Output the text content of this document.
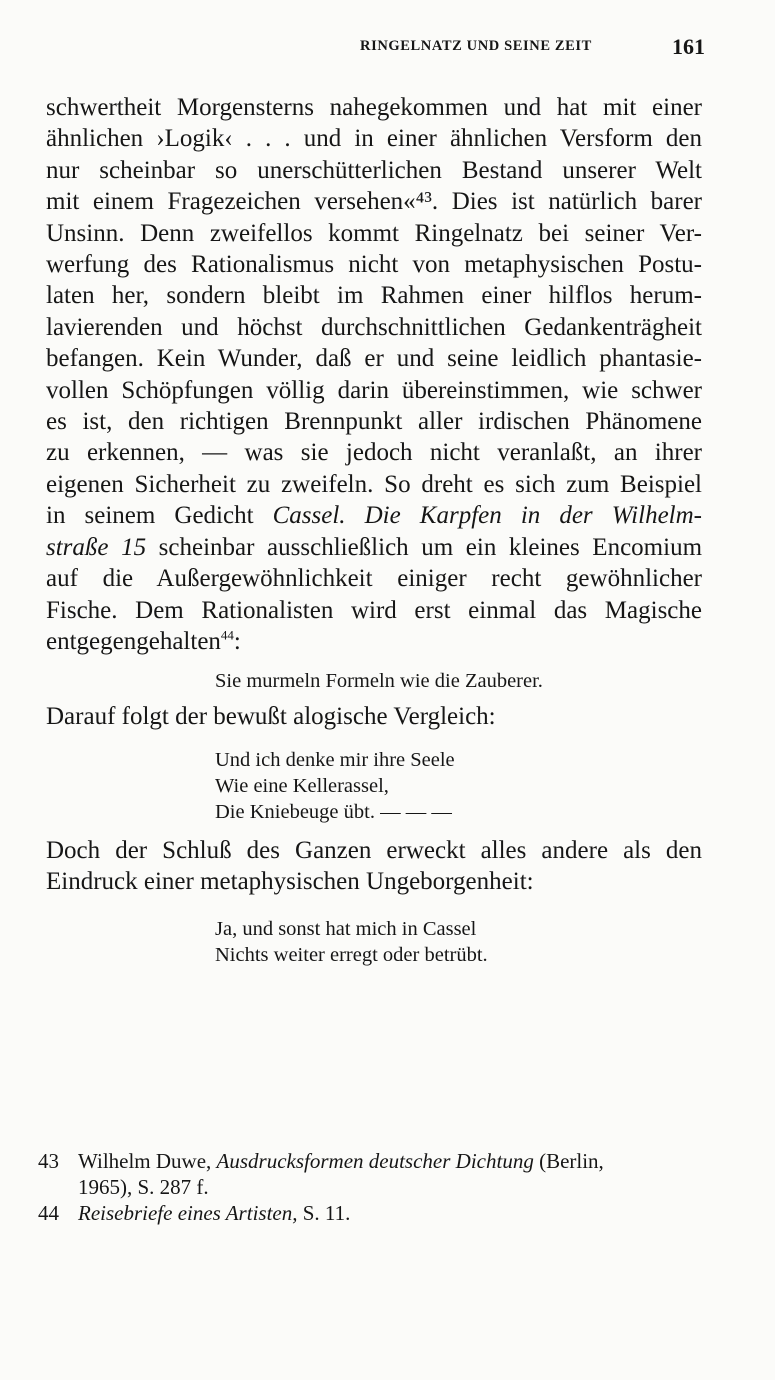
RINGELNATZ UND SEINE ZEIT	161

schwertheit Morgensterns nahegekommen und hat mit einer

ähnlichen ›Logik‹ . . . und in einer ähnlichen Versform den

nur scheinbar so unerschütterlichen Bestand unserer Welt

mit einem Fragezeichen versehen«⁴³. Dies ist natürlich barer

Unsinn. Denn zweifellos kommt Ringelnatz bei seiner Ver-

werfung des Rationalismus nicht von metaphysischen Postu-

laten her, sondern bleibt im Rahmen einer hilflos herum-

lavierenden und höchst durchschnittlichen Gedankenträgheit

befangen. Kein Wunder, daß er und seine leidlich phantasie-

vollen Schöpfungen völlig darin übereinstimmen, wie schwer

es ist, den richtigen Brennpunkt aller irdischen Phänomene

zu erkennen, — was sie jedoch nicht veranlaßt, an ihrer

eigenen Sicherheit zu zweifeln. So dreht es sich zum Beispiel

in seinem Gedicht Cassel. Die Karpfen in der Wilhelm-

straße 15 scheinbar ausschließlich um ein kleines Encomium

auf die Außergewöhnlichkeit einiger recht gewöhnlicher

Fische. Dem Rationalisten wird erst einmal das Magische

entgegengehalten$^{44}$:

Sie murmeln Formeln wie die Zauberer.

Darauf folgt der bewußt alogische Vergleich:

Und ich denke mir ihre Seele

Wie eine Kellerassel,

Die Kniebeuge übt. — — —

Doch der Schluß des Ganzen erweckt alles andere als den

Eindruck einer metaphysischen Ungeborgenheit:

Ja, und sonst hat mich in Cassel

Nichts weiter erregt oder betrübt.

43 Wilhelm Duwe, Ausdrucksformen deutscher Dichtung (Berlin,

1965), S. 287 f.

44 Reisebriefe eines Artisten, S. 11.
